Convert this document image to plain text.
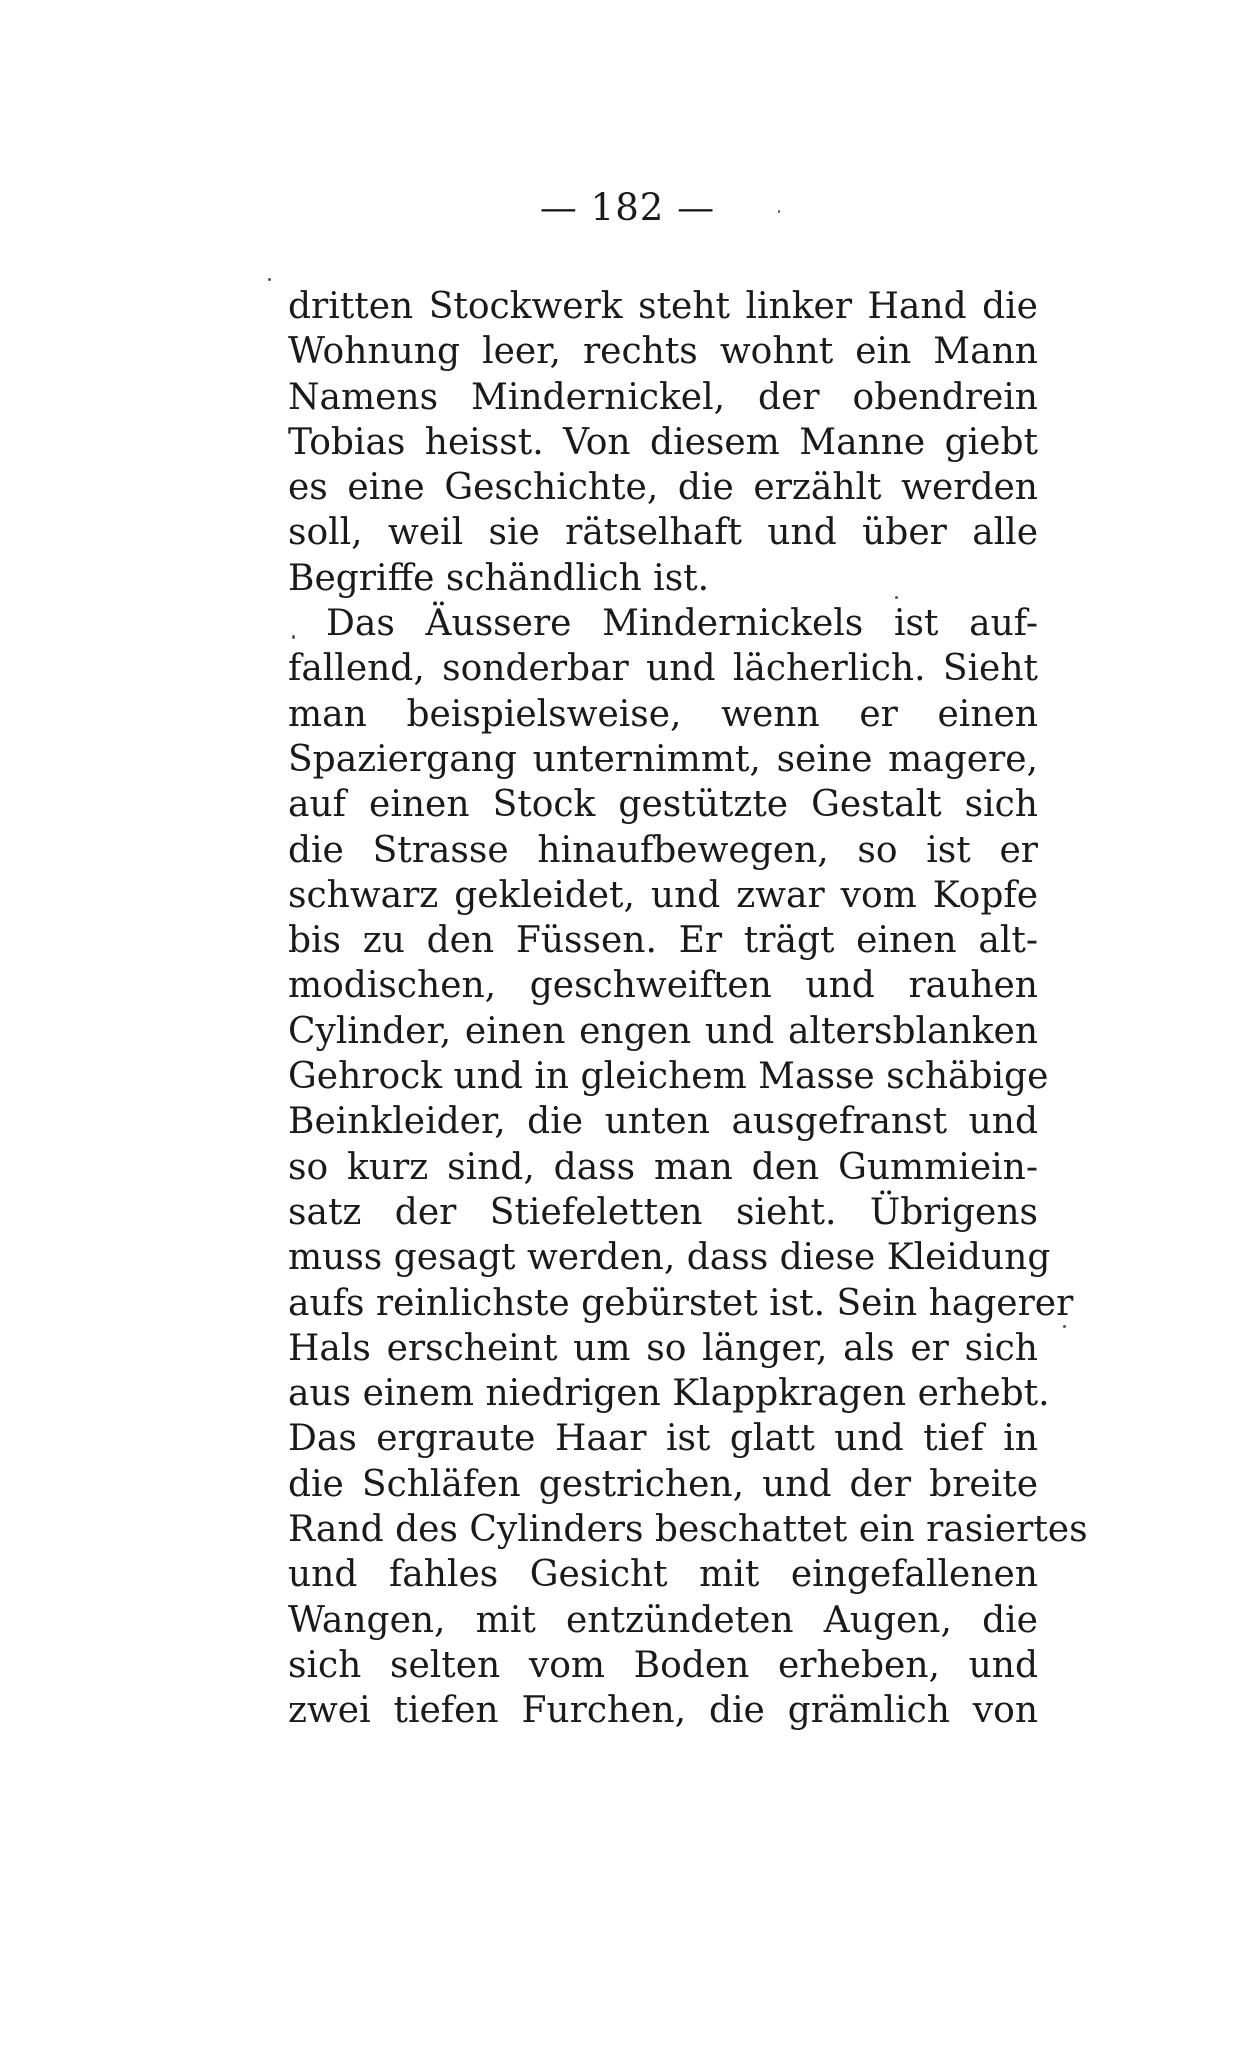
— 182 —
dritten Stockwerk steht linker Hand die
Wohnung leer, rechts wohnt ein Mann
Namens Mindernickel, der obendrein
Tobias heisst. Von diesem Manne giebt
es eine Geschichte, die erzählt werden
soll, weil sie rätselhaft und über alle
Begriffe schändlich ist.
Das Äussere Mindernickels ist auf-
fallend, sonderbar und lächerlich. Sieht
man beispielsweise, wenn er einen
Spaziergang unternimmt, seine magere,
auf einen Stock gestützte Gestalt sich
die Strasse hinaufbewegen, so ist er
schwarz gekleidet, und zwar vom Kopfe
bis zu den Füssen. Er trägt einen alt-
modischen, geschweiften und rauhen
Cylinder, einen engen und altersblanken
Gehrock und in gleichem Masse schäbige
Beinkleider, die unten ausgefranst und
so kurz sind, dass man den Gummiein-
satz der Stiefeletten sieht. Übrigens
muss gesagt werden, dass diese Kleidung
aufs reinlichste gebürstet ist. Sein hagerer
Hals erscheint um so länger, als er sich
aus einem niedrigen Klappkragen erhebt.
Das ergraute Haar ist glatt und tief in
die Schläfen gestrichen, und der breite
Rand des Cylinders beschattet ein rasiertes
und fahles Gesicht mit eingefallenen
Wangen, mit entzündeten Augen, die
sich selten vom Boden erheben, und
zwei tiefen Furchen, die grämlich von
